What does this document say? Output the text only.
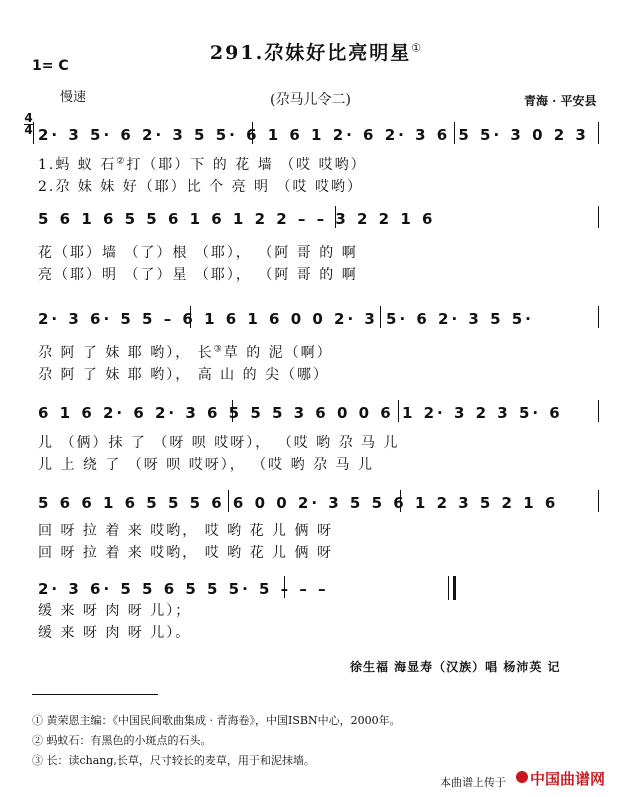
291.尕妹好比亮明星①
1= C
慢速	(尕马儿令二)	青海 · 平安县
4
4 2· 3 5· 6 2· 3 5 5· 6 1 6 1 2· 6 2· 3 6 5 5· 3 0 2 3
1.蚂 蚁 石②打（耶）下 的 花 墙 （哎 哎哟）
2.尕 妹 妹 好（耶）比 个 亮 明 （哎 哎哟）
5 6 1 6 5 5 6 1 6 1 2 2 – – 3 2 2 1 6
花（耶）墙 （了）根 （耶）， （阿 哥 的 啊
亮（耶）明 （了）星 （耶）， （阿 哥 的 啊
2· 3 6· 5 5 – 6 1 6 1 6 0 0 2· 3 5· 6 2· 3 5 5·
尕 阿 了 妹 耶 哟）， 长③草 的 泥（啊）
尕 阿 了 妹 耶 哟）， 高 山 的 尖（哪）
6 1 6 2· 6 2· 3 6 5 5 5 3 6 0 0 6 1 2· 3 2 3 5· 6
儿 （俩）抹 了 （呀 呗 哎呀）， （哎 哟 尕 马 儿
儿 上 绕 了 （呀 呗 哎呀）， （哎 哟 尕 马 儿
5 6 6 1 6 5 5 5 6 6 0 0 2· 3 5 5 6 1 2 3 5 2 1 6
回 呀 拉 着 来 哎哟， 哎 哟 花 儿 俩 呀
回 呀 拉 着 来 哎哟， 哎 哟 花 儿 俩 呀
2· 3 6· 5 5 6 5 5 5· 5 – – –
缓 来 呀 肉 呀 儿）；
缓 来 呀 肉 呀 儿）。
徐生福 海显寿（汉族）唱 杨沛英 记
① 黄荣恩主编：《中国民间歌曲集成 · 青海卷》，中国ISBN中心，2000年。
② 蚂蚁石：有黑色的小斑点的石头。
③ 长：读chang,长草，尺寸较长的麦草，用于和泥抹墙。
本曲谱上传于 中国曲谱网
